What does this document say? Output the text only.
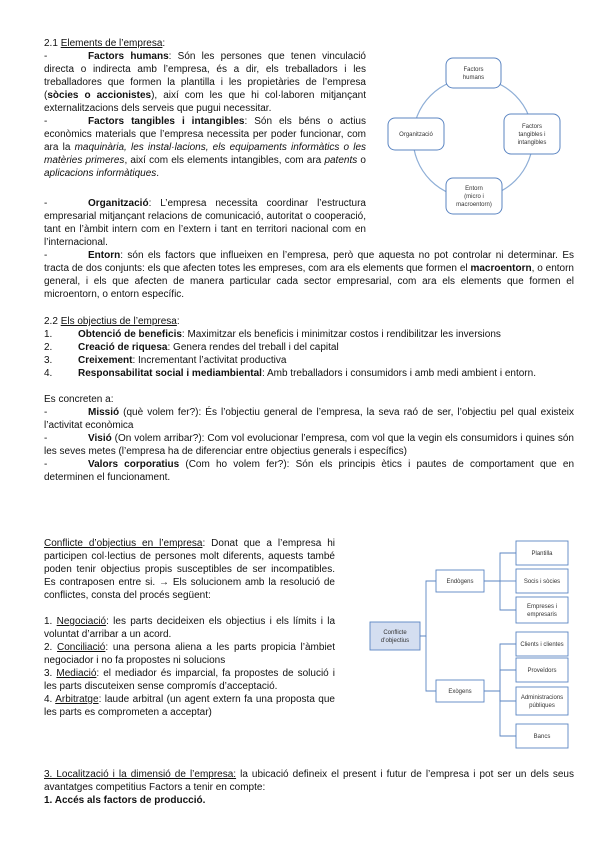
2.1 Elements de l’empresa:

-	Factors humans: Són les persones que tenen vinculació directa o indirecta amb l’empresa, és a dir, els treballadors i les treballadores que formen la plantilla i les propietàries de l’empresa (sòcies o accionistes), així com les que hi col·laboren mitjançant externalitzacions dels serveis que pugui necessitar.

-	Factors tangibles i intangibles: Són els béns o actius econòmics materials que l’empresa necessita per poder funcionar, com ara la maquinària, les instal·lacions, els equipaments informàtics o les matèries primeres, així com els elements intangibles, com ara patents o aplicacions informàtiques.

-	Organització: L’empresa necessita coordinar l’estructura empresarial mitjançant relacions de comunicació, autoritat o cooperació, tant en l’àmbit intern com en l’extern i tant en territori nacional com en l’internacional.

-	Entorn: són els factors que influeixen en l’empresa, però que aquesta no pot controlar ni determinar. Es tracta de dos conjunts: els que afecten totes les empreses, com ara els elements que formen el macroentorn, o entorn general, i els que afecten de manera particular cada sector empresarial, com ara els elements que formen el microentorn, o entorn específic.

Factors
humans
Factors
tangibles i
intangibles
Entorn
(micro i
macroentorn)
Organització

2.2 Els objectius de l’empresa:

1.	Obtenció de beneficis: Maximitzar els beneficis i minimitzar costos i rendibilitzar les inversions

2.	Creació de riquesa: Genera rendes del treball i del capital

3.	Creixement: Incrementant l’activitat productiva

4.	Responsabilitat social i mediambiental: Amb treballadors i consumidors i amb medi ambient i entorn.

Es concreten a:

-	Missió (què volem fer?): És l’objectiu general de l’empresa, la seva raó de ser, l’objectiu pel qual existeix l’activitat econòmica

-	Visió (On volem arribar?): Com vol evolucionar l’empresa, com vol que la vegin els consumidors i quines són les seves metes (l’empresa ha de diferenciar entre objectius generals i específics)

-	Valors corporatius (Com ho volem fer?): Són els principis ètics i pautes de comportament que en determinen el funcionament.

Conflicte d’objectius en l’empresa: Donat que a l’empresa hi participen col·lectius de persones molt diferents, aquests també poden tenir objectius propis susceptibles de ser incompatibles. Es contraposen entre si. → Els solucionem amb la resolució de conflictes, consta del procés següent:

1. Negociació: les parts decideixen els objectius i els límits i la voluntat d’arribar a un acord.

2. Conciliació: una persona aliena a les parts propicia l’àmbiet negociador i no fa propostes ni solucions

3. Mediació: el mediador és imparcial, fa propostes de solució i les parts discuteixen sense compromís d’acceptació.

4. Arbitratge: laude arbitral (un agent extern fa una proposta que les parts es comprometen a acceptar)

Conflicte
d’objectius
Endògens
Exògens
Plantilla
Socis i sòcies
Empreses i
empresaris
Clients i clientes
Proveïdors
Administracions
públiques
Bancs

3. Localització i la dimensió de l’empresa: la ubicació defineix el present i futur de l’empresa i pot ser un dels seus avantatges competitius Factors a tenir en compte:

1. Accés als factors de producció.
